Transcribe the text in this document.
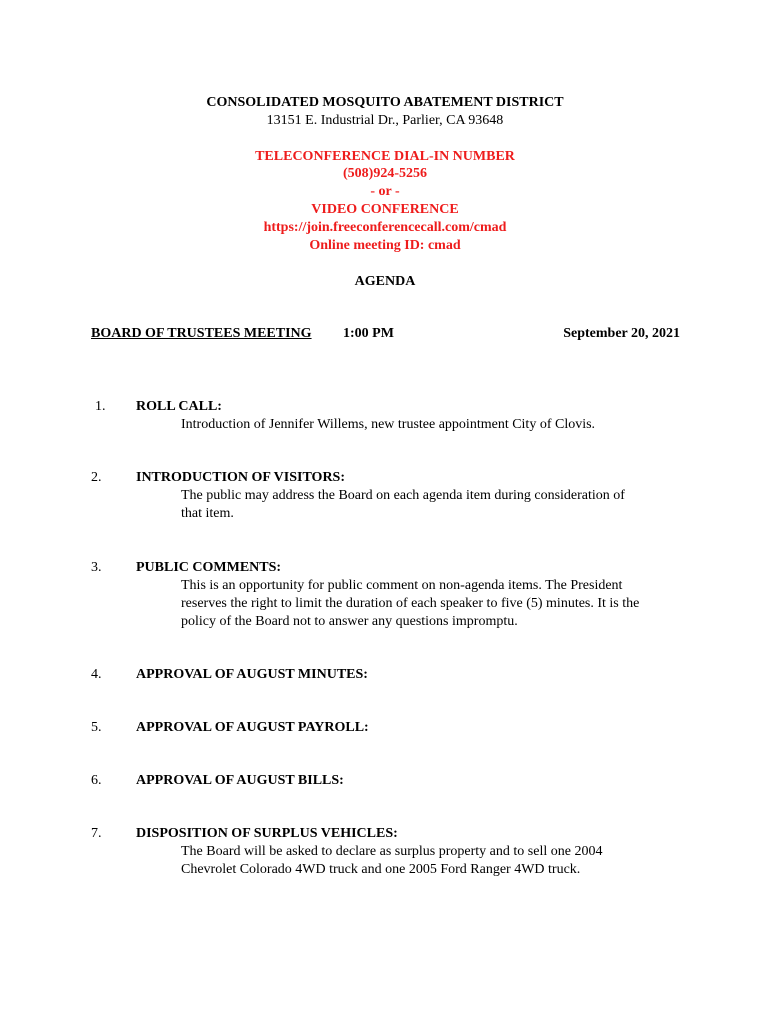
CONSOLIDATED MOSQUITO ABATEMENT DISTRICT
13151 E. Industrial Dr., Parlier, CA 93648
TELECONFERENCE DIAL-IN NUMBER
(508)924-5256
- or -
VIDEO CONFERENCE
https://join.freeconferencecall.com/cmad
Online meeting ID: cmad
AGENDA
BOARD OF TRUSTEES MEETING 1:00 PM	September 20, 2021
1.	ROLL CALL:
Introduction of Jennifer Willems, new trustee appointment City of Clovis.
2.	INTRODUCTION OF VISITORS:
The public may address the Board on each agenda item during consideration of
that item.
3.	PUBLIC COMMENTS:
This is an opportunity for public comment on non-agenda items. The President
reserves the right to limit the duration of each speaker to five (5) minutes. It is the
policy of the Board not to answer any questions impromptu.
4.	APPROVAL OF AUGUST MINUTES:
5.	APPROVAL OF AUGUST PAYROLL:
6.	APPROVAL OF AUGUST BILLS:
7.	DISPOSITION OF SURPLUS VEHICLES:
The Board will be asked to declare as surplus property and to sell one 2004
Chevrolet Colorado 4WD truck and one 2005 Ford Ranger 4WD truck.
